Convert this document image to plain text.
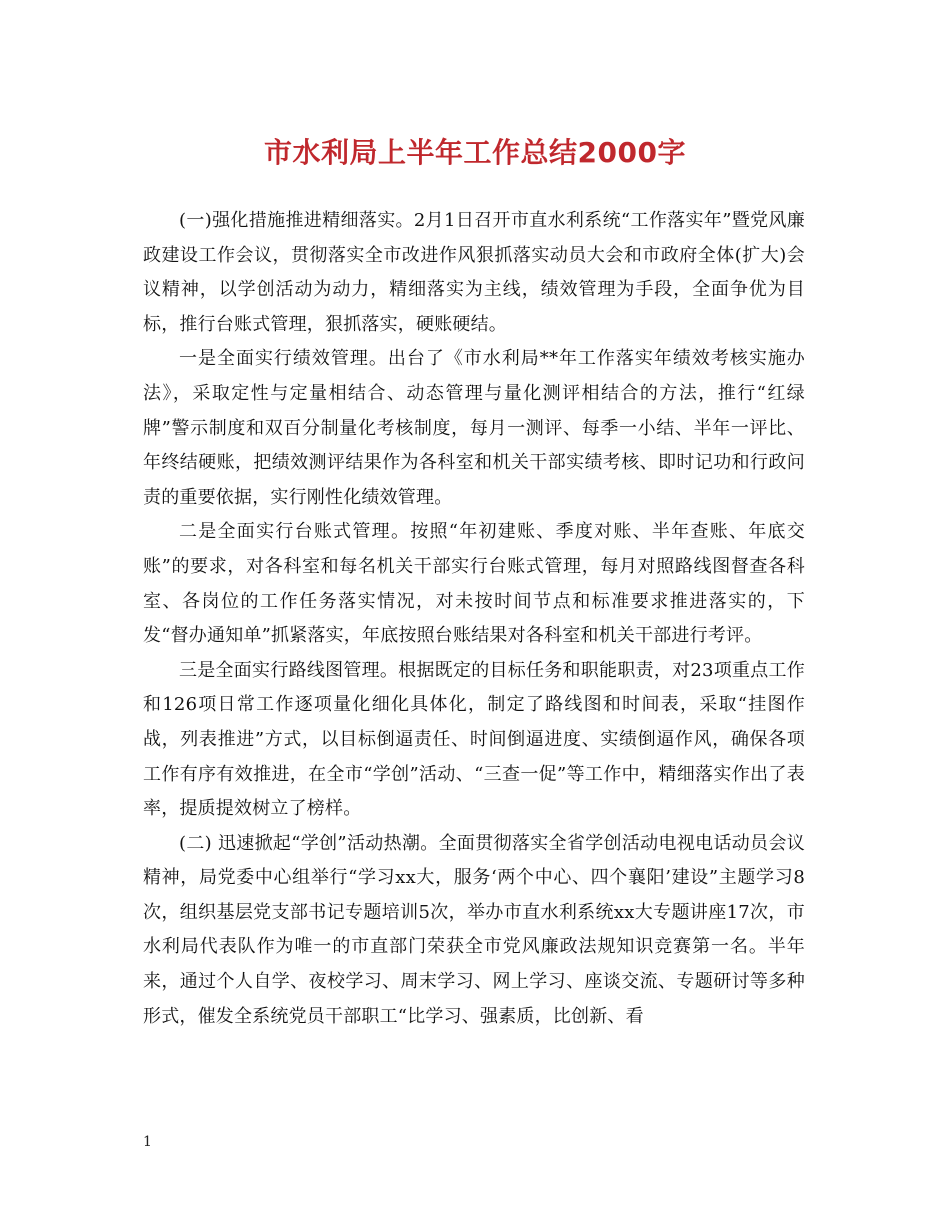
市水利局上半年工作总结2000字

(一)强化措施推进精细落实。2月1日召开市直水利系统“工作落实年”暨党风廉政建设工作会议，贯彻落实全市改进作风狠抓落实动员大会和市政府全体(扩大)会议精神，以学创活动为动力，精细落实为主线，绩效管理为手段，全面争优为目标，推行台账式管理，狠抓落实，硬账硬结。

一是全面实行绩效管理。出台了《市水利局**年工作落实年绩效考核实施办法》，采取定性与定量相结合、动态管理与量化测评相结合的方法，推行“红绿牌”警示制度和双百分制量化考核制度，每月一测评、每季一小结、半年一评比、年终结硬账，把绩效测评结果作为各科室和机关干部实绩考核、即时记功和行政问责的重要依据，实行刚性化绩效管理。

二是全面实行台账式管理。按照“年初建账、季度对账、半年查账、年底交账”的要求，对各科室和每名机关干部实行台账式管理，每月对照路线图督查各科室、各岗位的工作任务落实情况，对未按时间节点和标准要求推进落实的，下发“督办通知单”抓紧落实，年底按照台账结果对各科室和机关干部进行考评。

三是全面实行路线图管理。根据既定的目标任务和职能职责，对23项重点工作和126项日常工作逐项量化细化具体化，制定了路线图和时间表，采取“挂图作战，列表推进”方式，以目标倒逼责任、时间倒逼进度、实绩倒逼作风，确保各项工作有序有效推进，在全市“学创”活动、“三查一促”等工作中，精细落实作出了表率，提质提效树立了榜样。

(二) 迅速掀起“学创”活动热潮。全面贯彻落实全省学创活动电视电话动员会议精神，局党委中心组举行“学习xx大，服务‘两个中心、四个襄阳’建设”主题学习8次，组织基层党支部书记专题培训5次，举办市直水利系统xx大专题讲座17次，市水利局代表队作为唯一的市直部门荣获全市党风廉政法规知识竞赛第一名。半年来，通过个人自学、夜校学习、周末学习、网上学习、座谈交流、专题研讨等多种形式，催发全系统党员干部职工“比学习、强素质，比创新、看

1
